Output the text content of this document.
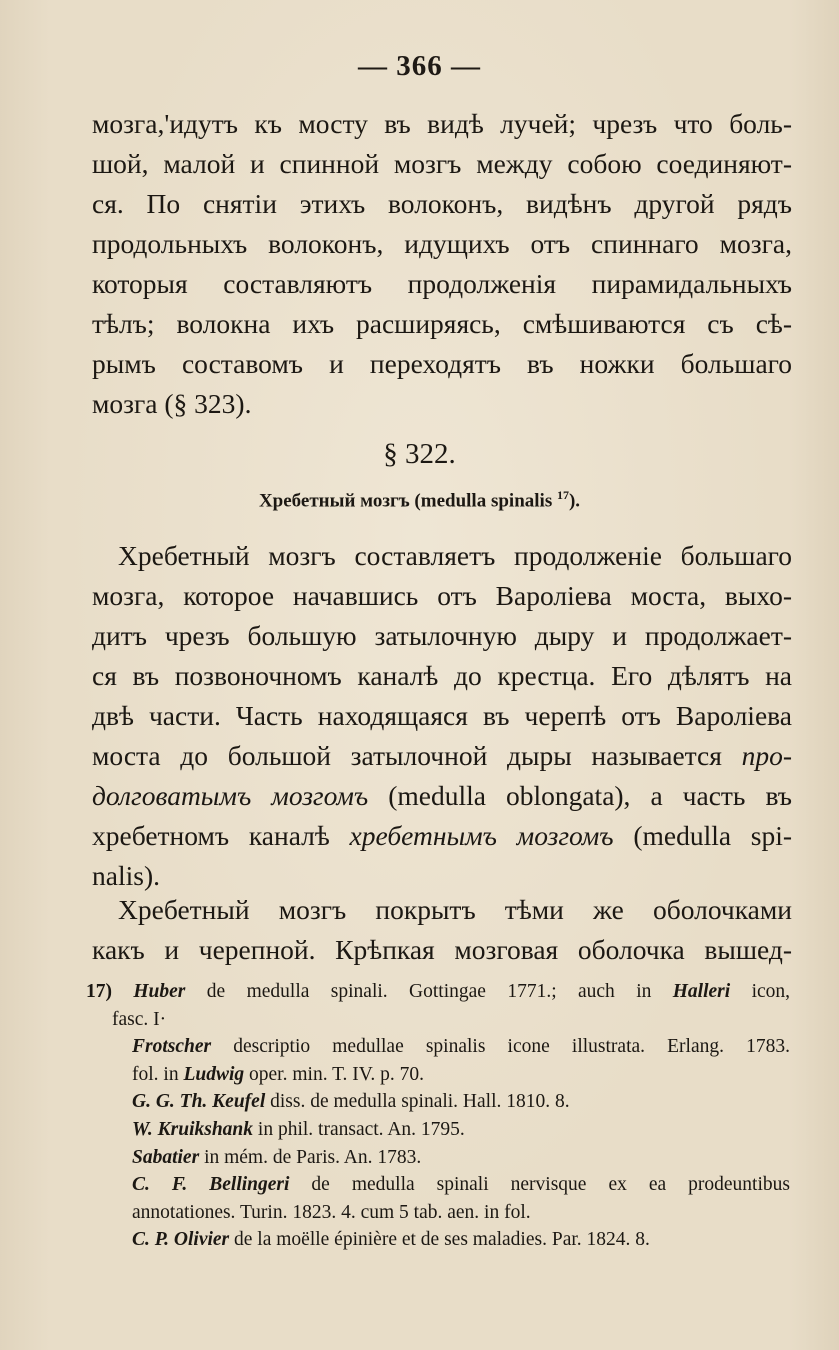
— 366 —
мозга,'идутъ къ мосту въ видѣ лучей; чрезъ что боль-
шой, малой и спинной мозгъ между собою соединяют-
ся. По снятіи этихъ волоконъ, видѣнъ другой рядъ
продольныхъ волоконъ, идущихъ отъ спиннаго мозга,
которыя составляютъ продолженія пирамидальныхъ
тѣлъ; волокна ихъ расширяясь, смѣшиваются съ сѣ-
рымъ составомъ и переходятъ въ ножки большаго
мозга (§ 323).
§ 322.
Хребетный мозгъ (medulla spinalis $^{17}$).
Хребетный мозгъ составляетъ продолженіе большаго
мозга, которое начавшись отъ Вароліева моста, выхо-
дитъ чрезъ большую затылочную дыру и продолжает-
ся въ позвоночномъ каналѣ до крестца. Его дѣлятъ на
двѣ части. Часть находящаяся въ черепѣ отъ Вароліева
моста до большой затылочной дыры называется про-
долговатымъ мозгомъ (medulla oblongata), а часть въ
хребетномъ каналѣ хребетнымъ мозгомъ (medulla spi-
nalis).
Хребетный мозгъ покрытъ тѣми же оболочками
какъ и черепной. Крѣпкая мозговая оболочка вышед-
17) Huber de medulla spinali. Gottingae 1771.; auch in Halleri icon,
fasc. I·
Frotscher descriptio medullae spinalis icone illustrata. Erlang. 1783.
fol. in Ludwig oper. min. T. IV. p. 70.
G. G. Th. Keufel diss. de medulla spinali. Hall. 1810. 8.
W. Kruikshank in phil. transact. An. 1795.
Sabatier in mém. de Paris. An. 1783.
C. F. Bellingeri de medulla spinali nervisque ex ea prodeuntibus
annotationes. Turin. 1823. 4. cum 5 tab. aen. in fol.
C. P. Olivier de la moëlle épinière et de ses maladies. Par. 1824. 8.
